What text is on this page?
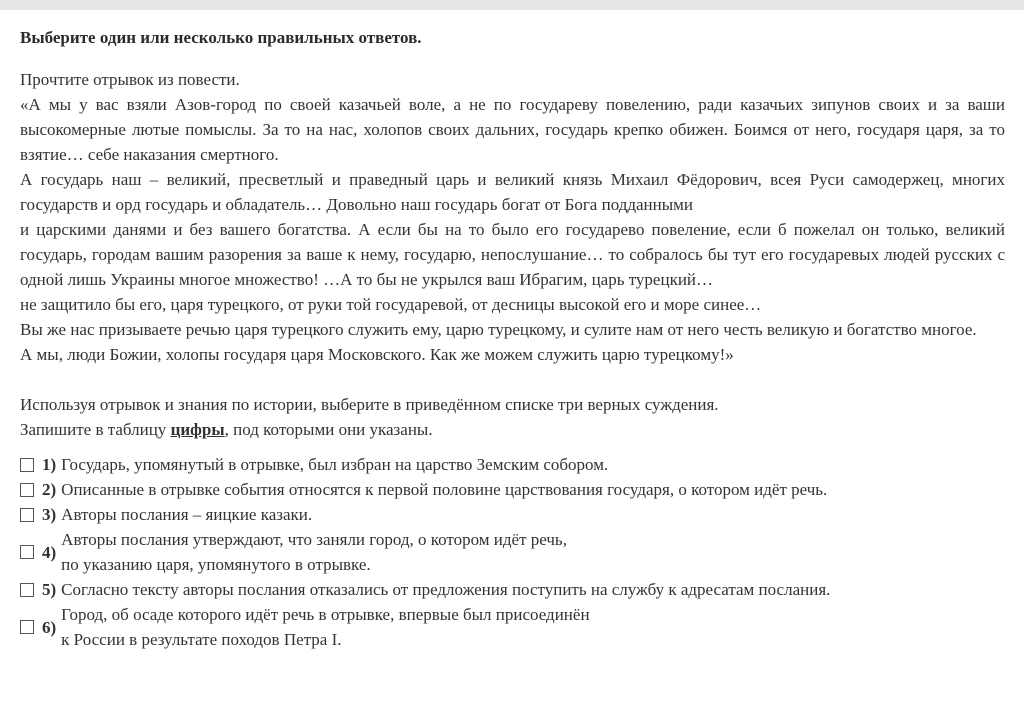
Выберите один или несколько правильных ответов.

Прочтите отрывок из повести.

«А мы у вас взяли Азов-город по своей казачьей воле, а не по государеву повелению, ради казачьих зипунов своих и за ваши высокомерные лютые помыслы. За то на нас, холопов своих дальних, государь крепко обижен. Боимся от него, государя царя, за то взятие… себе наказания смертного.

А государь наш – великий, пресветлый и праведный царь и великий князь Михаил Фёдорович, всея Руси самодержец, многих государств и орд государь и обладатель… Довольно наш государь богат от Бога подданными

и царскими данями и без вашего богатства. А если бы на то было его государево повеление, если б пожелал он только, великий государь, городам вашим разорения за ваше к нему, государю, непослушание… то собралось бы тут его государевых людей русских с одной лишь Украины многое множество! …А то бы не укрылся ваш Ибрагим, царь турецкий…

не защитило бы его, царя турецкого, от руки той государевой, от десницы высокой его и море синее…

Вы же нас призываете речью царя турецкого служить ему, царю турецкому, и сулите нам от него честь великую и богатство многое.

А мы, люди Божии, холопы государя царя Московского. Как же можем служить царю турецкому!»

Используя отрывок и знания по истории, выберите в приведённом списке три верных суждения.

Запишите в таблицу цифры, под которыми они указаны.

1) Государь, упомянутый в отрывке, был избран на царство Земским собором.
2) Описанные в отрывке события относятся к первой половине царствования государя, о котором идёт речь.
3) Авторы послания – яицкие казаки.
4)
Авторы послания утверждают, что заняли город, о котором идёт речь,
по указанию царя, упомянутого в отрывке.
5) Согласно тексту авторы послания отказались от предложения поступить на службу к адресатам послания.
6)
Город, об осаде которого идёт речь в отрывке, впервые был присоединён
к России в результате походов Петра I.
